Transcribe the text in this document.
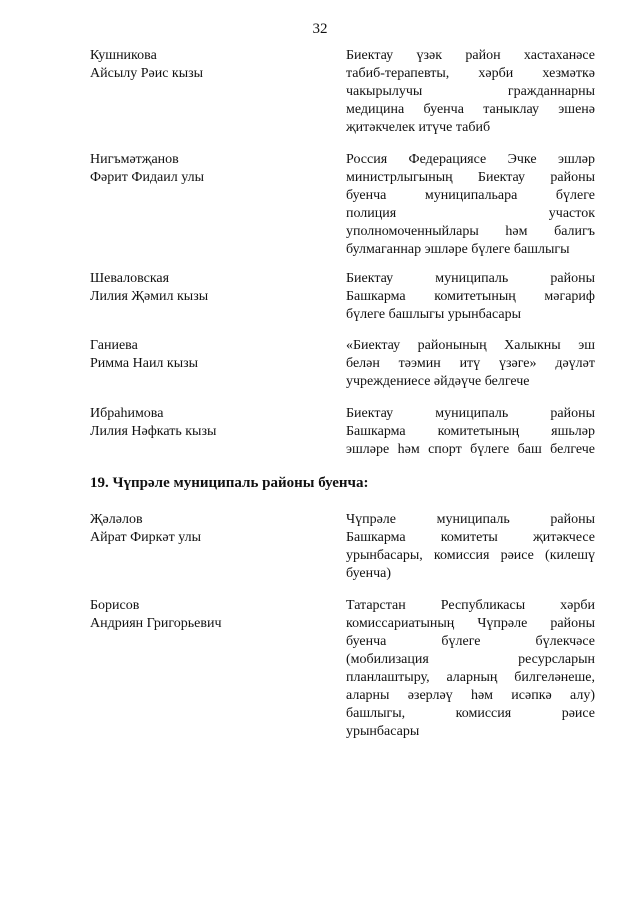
32
Кушникова
Айсылу Рәис кызы
Биектау үзәк район хастаханәсе
табиб-терапевты, хәрби хезмәткә
чакырылучы гражданнарны
медицина буенча таныклау эшенә
җитәкчелек итүче табиб
Нигъмәтҗанов
Фәрит Фидаил улы
Россия Федерациясе Эчке эшләр
министрлыгының Биектау районы
буенча муниципальара бүлеге
полиция участок
уполномоченныйлары һәм балигъ
булмаганнар эшләре бүлеге башлыгы
Шеваловская
Лилия Җәмил кызы
Биектау муниципаль районы
Башкарма комитетының мәгариф
бүлеге башлыгы урынбасары
Ганиева
Римма Наил кызы
«Биектау районының Халыкны эш
белән тәэмин итү үзәге» дәүләт
учреждениесе әйдәүче белгече
Ибраһимова
Лилия Нәфкать кызы
Биектау муниципаль районы
Башкарма комитетының яшьләр
эшләре һәм спорт бүлеге баш белгече
19. Чүпрәле муниципаль районы буенча:
Җәләлов
Айрат Фиркәт улы
Чүпрәле муниципаль районы
Башкарма комитеты җитәкчесе
урынбасары, комиссия рәисе (килешү
буенча)
Борисов
Андриян Григорьевич
Татарстан Республикасы хәрби
комиссариатының Чүпрәле районы
буенча бүлеге бүлекчәсе
(мобилизация ресурсларын
планлаштыру, аларның билгеләнеше,
аларны әзерләү һәм исәпкә алу)
башлыгы, комиссия рәисе
урынбасары
